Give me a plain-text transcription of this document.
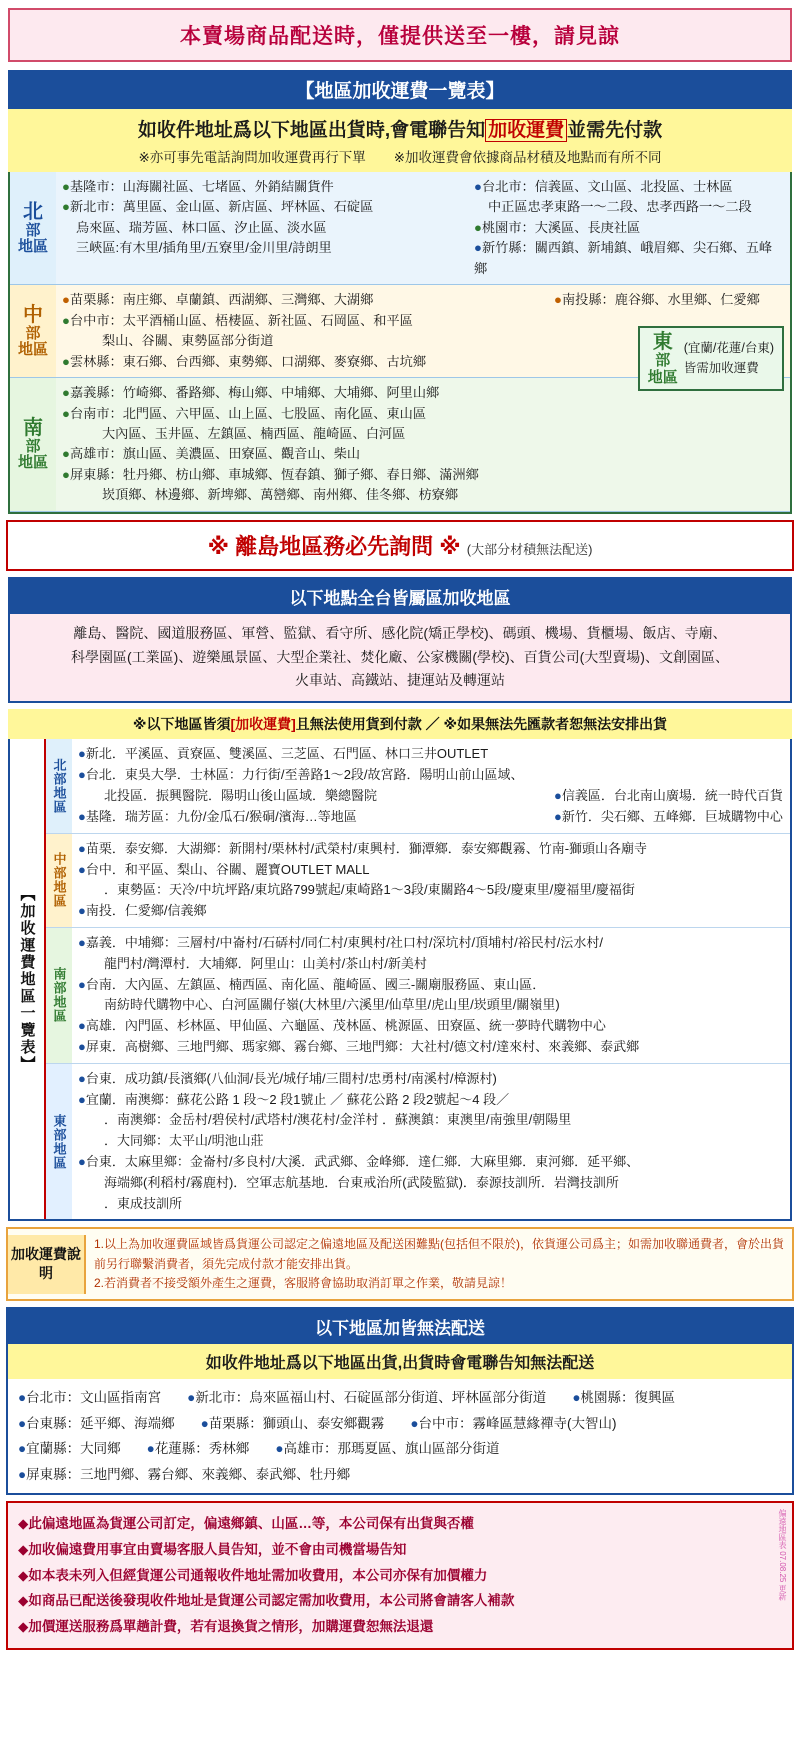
本賣場商品配送時，僅提供送至一樓，請見諒
【地區加收運費一覽表】
如收件地址爲以下地區出貨時,會電聯告知 加收運費 並需先付款
※亦可事先電話詢問加收運費再行下單 ※加收運費會依據商品材積及地點而有所不同
北
部
地區
●基隆市：山海關社區、七堵區、外銷結關貨件
●新北市：萬里區、金山區、新店區、坪林區、石碇區
烏來區、瑞芳區、林口區、汐止區、淡水區
三峽區:有木里/插角里/五寮里/金川里/詩朗里
●台北市：信義區、文山區、北投區、士林區
中正區忠孝東路一～二段、忠孝西路一～二段
●桃園市：大溪區、長庚社區
●新竹縣：關西鎮、新埔鎮、峨眉鄉、尖石鄉、五峰鄉
中
部
地區
●苗栗縣：南庄鄉、卓蘭鎮、西湖鄉、三灣鄉、大湖鄉
●台中市：太平酒桶山區、梧棲區、新社區、石岡區、和平區
梨山、谷關、東勢區部分街道
●雲林縣：東石鄉、台西鄉、東勢鄉、口湖鄉、麥寮鄉、古坑鄉
●南投縣：鹿谷鄉、水里鄉、仁愛鄉
南
部
地區
東
部
地區
(宜蘭/花蓮/台東)
皆需加收運費
●嘉義縣：竹崎鄉、番路鄉、梅山鄉、中埔鄉、大埔鄉、阿里山鄉
●台南市：北門區、六甲區、山上區、七股區、南化區、東山區
大內區、玉井區、左鎮區、楠西區、龍崎區、白河區
●高雄市：旗山區、美濃區、田寮區、觀音山、柴山
●屏東縣：牡丹鄉、枋山鄉、車城鄉、恆春鎮、獅子鄉、春日鄉、滿洲鄉
崁頂鄉、林邊鄉、新埤鄉、萬巒鄉、南州鄉、佳冬鄉、枋寮鄉
※ 離島地區務必先詢問 ※ (大部分材積無法配送)
以下地點全台皆屬區加收地區
離島、醫院、國道服務區、軍營、監獄、看守所、感化院(矯正學校)、碼頭、機場、貨櫃場、飯店、寺廟、
科學園區(工業區)、遊樂風景區、大型企業社、焚化廠、公家機關(學校)、百貨公司(大型賣場)、文創園區、
火車站、高鐵站、捷運站及轉運站
※以下地區皆須[加收運費]且無法使用貨到付款 ／ ※如果無法先匯款者恕無法安排出貨
【加收運費地區一覽表】
北部地區
●新北．平溪區、貢寮區、雙溪區、三芝區、石門區、林口三井OUTLET
●台北．東吳大學．士林區：力行街/至善路1～2段/故宮路．陽明山前山區域、
北投區．振興醫院．陽明山後山區域．樂總醫院
●基隆．瑞芳區：九份/金瓜石/猴硐/濱海…等地區
●信義區．台北南山廣場．統一時代百貨
●新竹．尖石鄉、五峰鄉．巨城購物中心
中部地區
●苗栗．泰安鄉．大湖鄉：新開村/栗林村/武榮村/東興村．獅潭鄉．泰安鄉觀霧、竹南-獅頭山各廟寺
●台中．和平區、梨山、谷關、麗寶OUTLET MALL
．東勢區：天冷/中坑坪路/東坑路799號起/東崎路1～3段/東關路4～5段/慶東里/慶福里/慶福街
●南投．仁愛鄉/信義鄉
南部地區
●嘉義．中埔鄉：三層村/中崙村/石硦村/同仁村/東興村/社口村/深坑村/頂埔村/裕民村/沄水村/
龍門村/灣潭村．大埔鄉．阿里山：山美村/茶山村/新美村
●台南．大內區、左鎮區、楠西區、南化區、龍崎區、國三-關廟服務區、東山區．
南紡時代購物中心、白河區關仔嶺(大林里/六溪里/仙草里/虎山里/崁頭里/關嶺里)
●高雄．內門區、杉林區、甲仙區、六龜區、茂林區、桃源區、田寮區、統一夢時代購物中心
●屏東．高樹鄉、三地門鄉、瑪家鄉、霧台鄉、三地門鄉：大社村/德文村/達來村、來義鄉、泰武鄉
東部地區
●台東．成功鎮/長濱鄉(八仙洞/長光/城仔埔/三間村/忠勇村/南溪村/樟源村)
●宜蘭．南澳鄉：蘇花公路 1 段～2 段1號止 ／ 蘇花公路 2 段2號起～4 段／
．南澳鄉：金岳村/碧侯村/武塔村/澳花村/金洋村 ．蘇澳鎮：東澳里/南強里/朝陽里
．大同鄉：太平山/明池山莊
●台東．太麻里鄉：金崙村/多良村/大溪．武武鄉、金峰鄉．達仁鄉．大麻里鄉．東河鄉．延平鄉、
海端鄉(利稻村/霧鹿村)．空軍志航基地．台東戒治所(武陵監獄)．泰源技訓所．岩灣技訓所
．東成技訓所
加收運費說明
1.以上為加收運費區域皆爲貨運公司認定之偏遠地區及配送困難點(包括但不限於)，依貨運公司爲主；如需加收聯通費者，會於出貨前另行聯繫消費者，須先完成付款才能安排出貨。
2.若消費者不接受額外產生之運費，客服將會協助取消訂單之作業，敬請見諒！
以下地區加皆無法配送
如收件地址爲以下地區出貨,出貨時會電聯告知無法配送
●台北市：文山區指南宮 ●新北市：烏來區福山村、石碇區部分街道、坪林區部分街道 ●桃園縣：復興區
●台東縣：延平鄉、海端鄉 ●苗栗縣：獅頭山、泰安鄉觀霧 ●台中市：霧峰區慧緣禪寺(大智山)
●宜蘭縣：大同鄉 ●花蓮縣：秀林鄉 ●高雄市：那瑪夏區、旗山區部分街道
●屏東縣：三地門鄉、霧台鄉、來義鄉、泰武鄉、牡丹鄉
偏遠地區表 07.08.25 更新
◆此偏遠地區為貨運公司訂定，偏遠鄉鎮、山區…等，本公司保有出貨與否權
◆加收偏遠費用事宜由賣場客服人員告知，並不會由司機當場告知
◆如本表未列入但經貨運公司通報收件地址需加收費用，本公司亦保有加價權力
◆如商品已配送後發現收件地址是貨運公司認定需加收費用，本公司將會請客人補款
◆加價運送服務爲單趟計費，若有退換貨之情形，加購運費恕無法退還
